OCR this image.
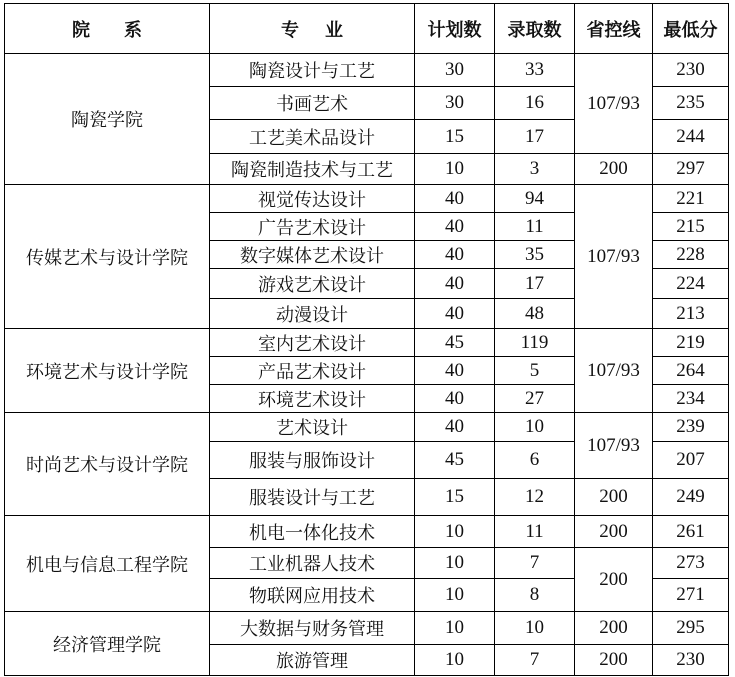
院 系	专 业	计划数	录取数	省控线	最低分
陶瓷学院	陶瓷设计与工艺	30	33	107/93	230
	书画艺术	30	16		235
	工艺美术品设计	15	17		244
	陶瓷制造技术与工艺	10	3	200	297
传媒艺术与设计学院	视觉传达设计	40	94	107/93	221
	广告艺术设计	40	11		215
	数字媒体艺术设计	40	35		228
	游戏艺术设计	40	17		224
	动漫设计	40	48		213
环境艺术与设计学院	室内艺术设计	45	119	107/93	219
	产品艺术设计	40	5		264
	环境艺术设计	40	27		234
时尚艺术与设计学院	艺术设计	40	10	107/93	239
	服装与服饰设计	45	6		207
	服装设计与工艺	15	12	200	249
机电与信息工程学院	机电一体化技术	10	11	200	261
	工业机器人技术	10	7	200	273
	物联网应用技术	10	8		271
经济管理学院	大数据与财务管理	10	10	200	295
	旅游管理	10	7	200	230
